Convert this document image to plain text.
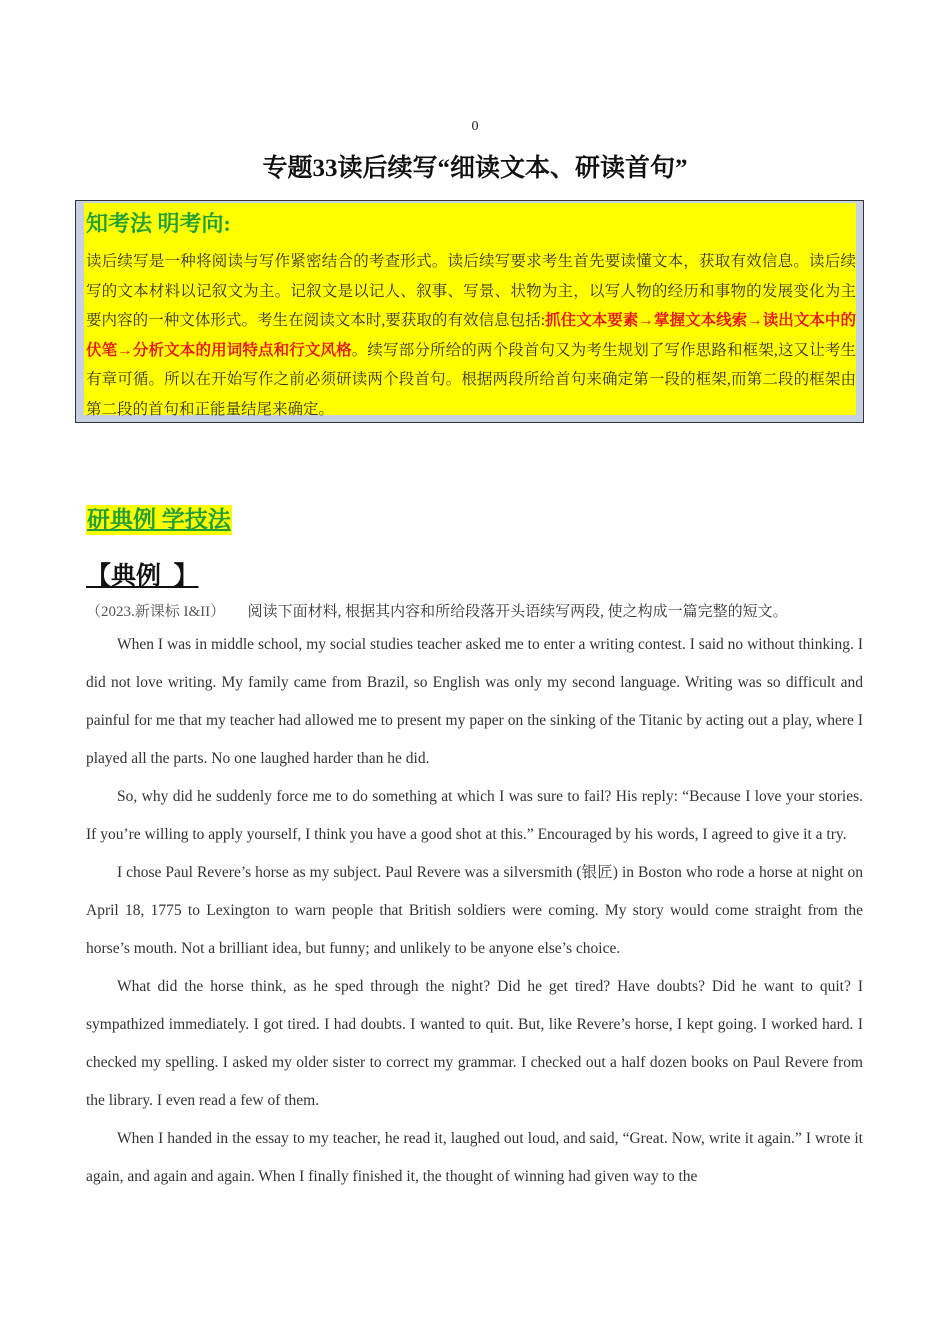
0
专题33读后续写“细读文本、研读首句”
知考法 明考向:
读后续写是一种将阅读与写作紧密结合的考查形式。读后续写要求考生首先要读懂文本，获取有效信息。读后续写的文本材料以记叙文为主。记叙文是以记人、叙事、写景、状物为主，以写人物的经历和事物的发展变化为主要内容的一种文体形式。考生在阅读文本时,要获取的有效信息包括:抓住文本要素→掌握文本线索→读出文本中的伏笔→分析文本的用词特点和行文风格。续写部分所给的两个段首句又为考生规划了写作思路和框架,这又让考生有章可循。所以在开始写作之前必须研读两个段首句。根据两段所给首句来确定第一段的框架,而第二段的框架由第二段的首句和正能量结尾来确定。
研典例 学技法
【典例  】
（2023.新课标 I&II） 阅读下面材料, 根据其内容和所给段落开头语续写两段, 使之构成一篇完整的短文。

When I was in middle school, my social studies teacher asked me to enter a writing contest. I said no without thinking. I did not love writing. My family came from Brazil, so English was only my second language. Writing was so difficult and painful for me that my teacher had allowed me to present my paper on the sinking of the Titanic by acting out a play, where I played all the parts. No one laughed harder than he did.

So, why did he suddenly force me to do something at which I was sure to fail? His reply: “Because I love your stories. If you’re willing to apply yourself, I think you have a good shot at this.” Encouraged by his words, I agreed to give it a try.

I chose Paul Revere’s horse as my subject. Paul Revere was a silversmith (银匠) in Boston who rode a horse at night on April 18, 1775 to Lexington to warn people that British soldiers were coming. My story would come straight from the horse’s mouth. Not a brilliant idea, but funny; and unlikely to be anyone else’s choice.

What did the horse think, as he sped through the night? Did he get tired? Have doubts? Did he want to quit? I sympathized immediately. I got tired. I had doubts. I wanted to quit. But, like Revere’s horse, I kept going. I worked hard. I checked my spelling. I asked my older sister to correct my grammar. I checked out a half dozen books on Paul Revere from the library. I even read a few of them.

When I handed in the essay to my teacher, he read it, laughed out loud, and said, “Great. Now, write it again.” I wrote it again, and again and again. When I finally finished it, the thought of winning had given way to the
